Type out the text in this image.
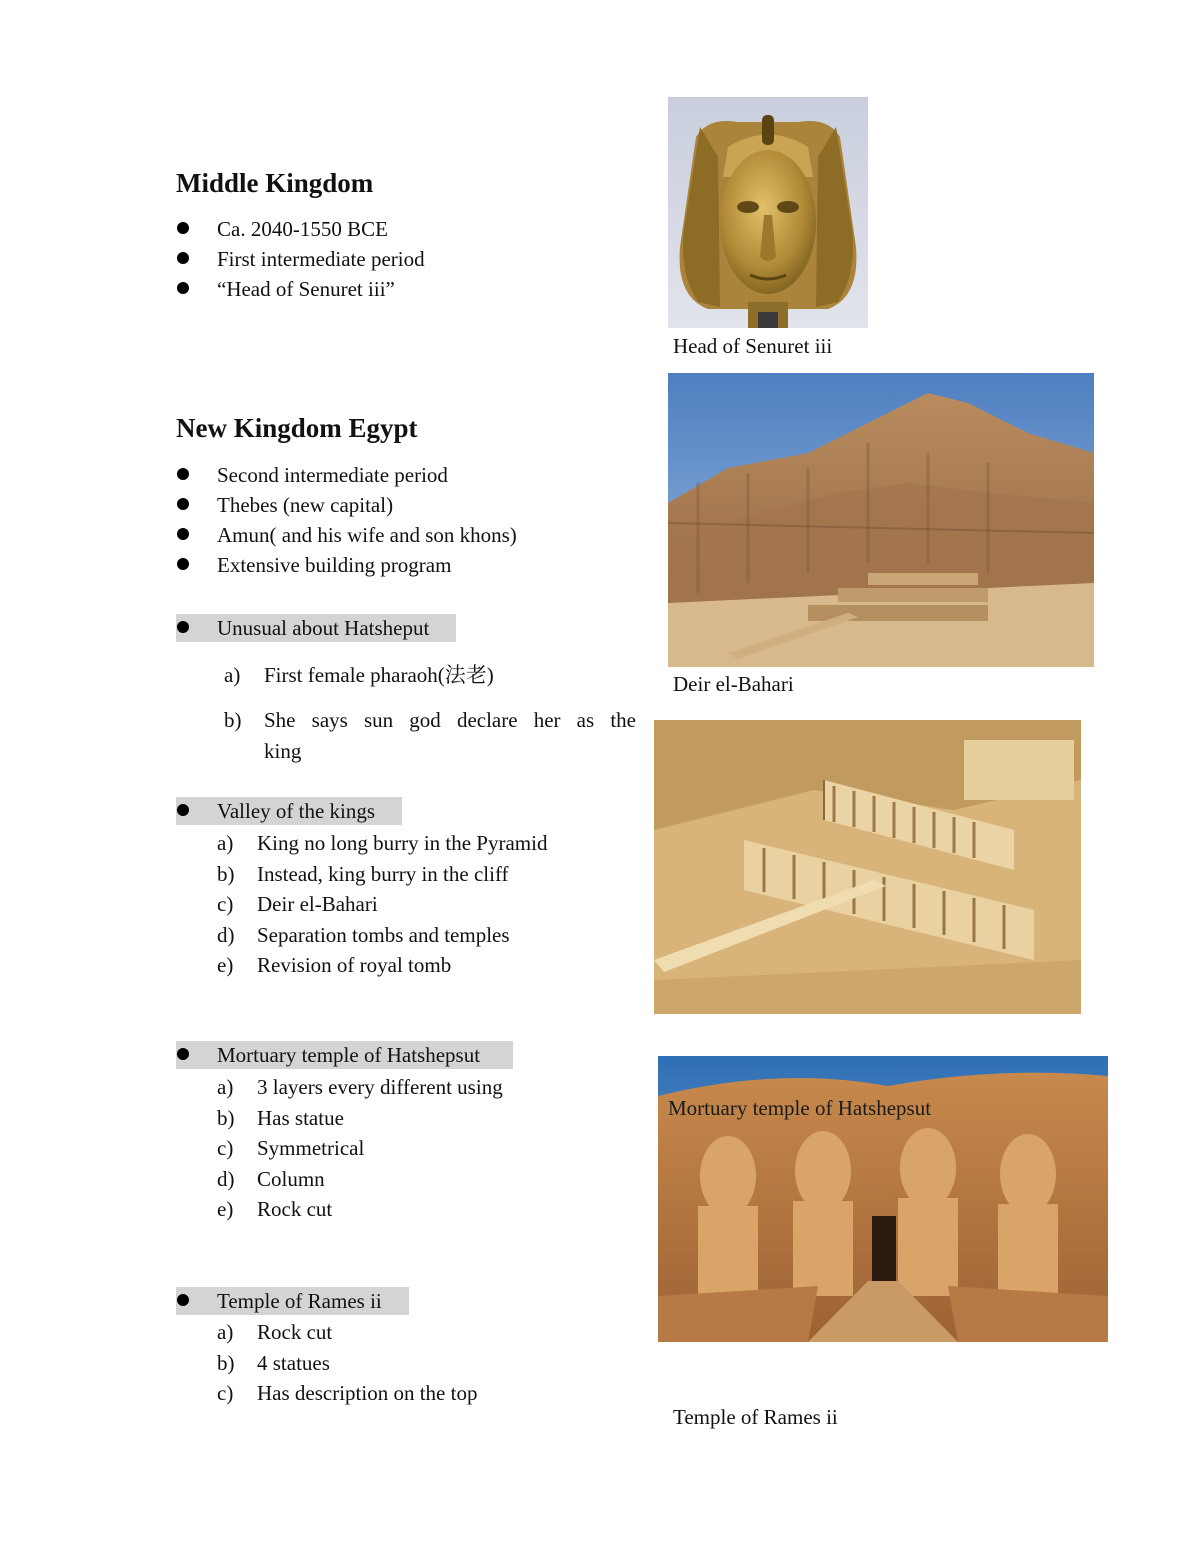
Middle Kingdom
Ca. 2040-1550 BCE
First intermediate period
“Head of Senuret iii”
New Kingdom Egypt
Second intermediate period
Thebes (new capital)
Amun( and his wife and son khons)
Extensive building program
Unusual about Hatsheput
a) First female pharaoh(法老)
b) She says sun god declare her as the
king
Valley of the kings
a) King no long burry in the Pyramid
b) Instead, king burry in the cliff
c) Deir el-Bahari
d) Separation tombs and temples
e) Revision of royal tomb
Mortuary temple of Hatshepsut
a) 3 layers every different using
b) Has statue
c) Symmetrical
d) Column
e) Rock cut
Temple of Rames ii
a) Rock cut
b) 4 statues
c) Has description on the top
Head of Senuret iii
Deir el-Bahari
Mortuary temple of Hatshepsut
Temple of Rames ii
